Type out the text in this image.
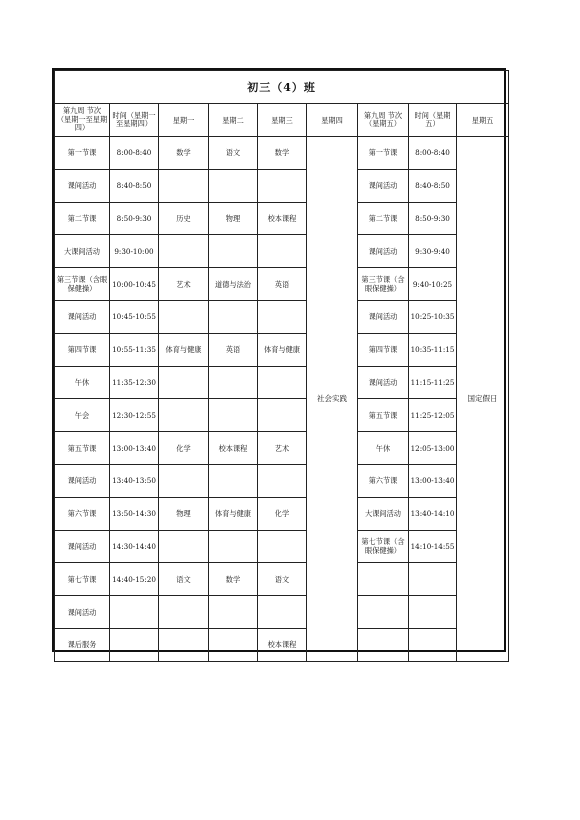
初三（4）班								
第九周 节次（星期一至星期四）	时间（星期一至星期四）	星期一	星期二	星期三	星期四	第九周 节次（星期五）	时间（星期五）	星期五
第一节课	8:00-8:40	数学	语文	数学	社会实践	第一节课	8:00-8:40	国定假日
课间活动	8:40-8:50					课间活动	8:40-8:50	
第二节课	8:50-9:30	历史	物理	校本课程		第二节课	8:50-9:30	
大课间活动	9:30-10:00					课间活动	9:30-9:40	
第三节课（含眼保健操）	10:00-10:45	艺术	道德与法治	英语		第三节课（含眼保健操）	9:40-10:25	
课间活动	10:45-10:55					课间活动	10:25-10:35	
第四节课	10:55-11:35	体育与健康	英语	体育与健康		第四节课	10:35-11:15	
午休	11:35-12:30					课间活动	11:15-11:25	
午会	12:30-12:55					第五节课	11:25-12:05	
第五节课	13:00-13:40	化学	校本课程	艺术		午休	12:05-13:00	
课间活动	13:40-13:50					第六节课	13:00-13:40	
第六节课	13:50-14:30	物理	体育与健康	化学		大课间活动	13:40-14:10	
课间活动	14:30-14:40					第七节课（含眼保健操）	14:10-14:55	
第七节课	14:40-15:20	语文	数学	语文				
课间活动								
课后服务				校本课程				
